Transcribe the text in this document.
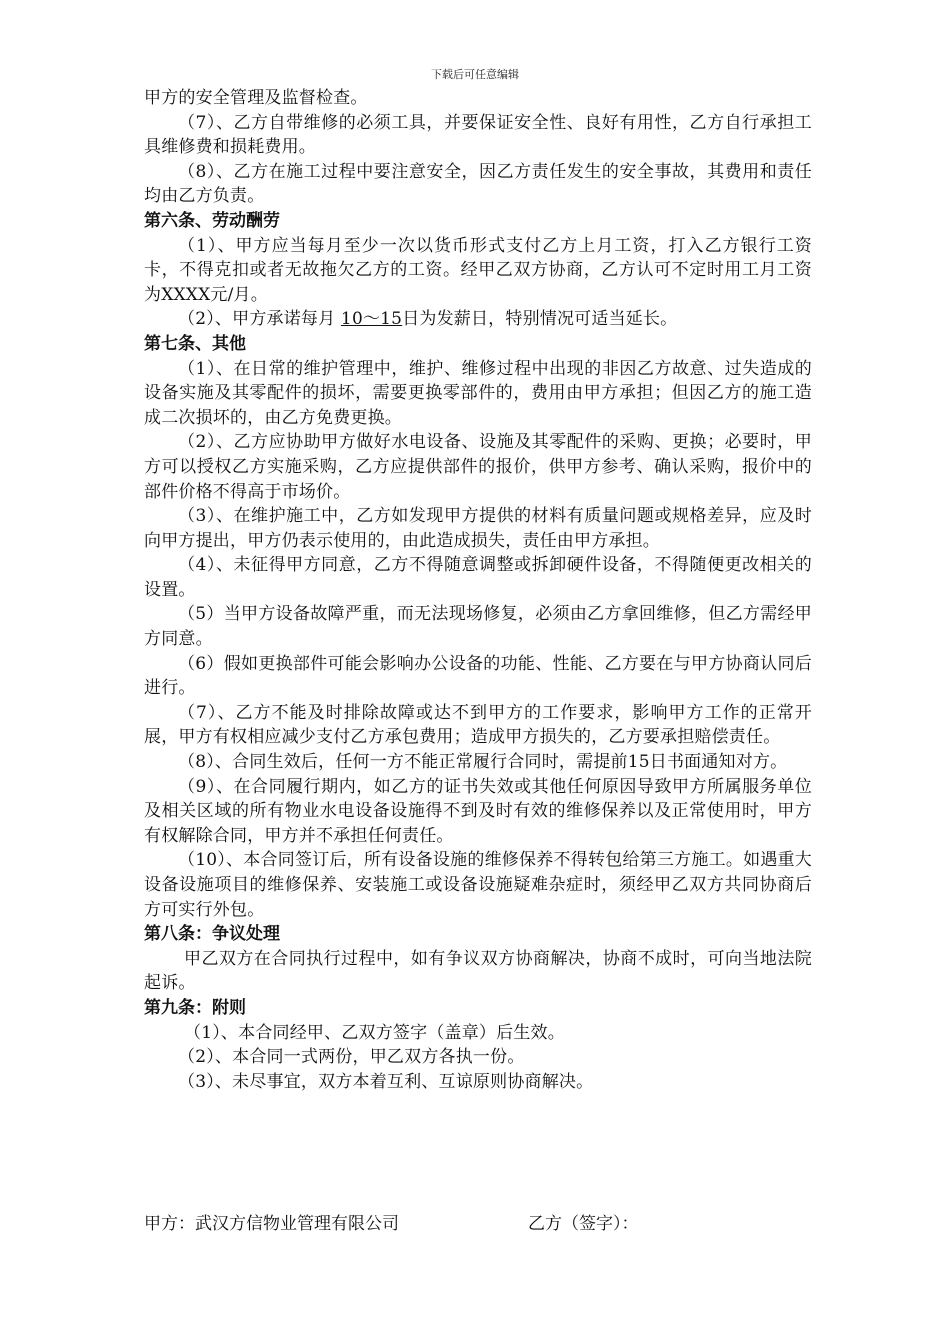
下载后可任意编辑

甲方的安全管理及监督检查。

（7）、乙方自带维修的必须工具，并要保证安全性、良好有用性，乙方自行承担工具维修费和损耗费用。

（8）、乙方在施工过程中要注意安全，因乙方责任发生的安全事故，其费用和责任均由乙方负责。

第六条、劳动酬劳

（1）、甲方应当每月至少一次以货币形式支付乙方上月工资，打入乙方银行工资卡，不得克扣或者无故拖欠乙方的工资。经甲乙双方协商，乙方认可不定时用工月工资为XXXX元/月。

（2）、甲方承诺每月 10～15日为发薪日，特别情况可适当延长。

第七条、其他

（1）、在日常的维护管理中，维护、维修过程中出现的非因乙方故意、过失造成的设备实施及其零配件的损坏，需要更换零部件的，费用由甲方承担；但因乙方的施工造成二次损坏的，由乙方免费更换。

（2）、乙方应协助甲方做好水电设备、设施及其零配件的采购、更换；必要时，甲方可以授权乙方实施采购，乙方应提供部件的报价，供甲方参考、确认采购，报价中的部件价格不得高于市场价。

（3）、在维护施工中，乙方如发现甲方提供的材料有质量问题或规格差异，应及时向甲方提出，甲方仍表示使用的，由此造成损失，责任由甲方承担。

（4）、未征得甲方同意，乙方不得随意调整或拆卸硬件设备，不得随便更改相关的设置。

（5）当甲方设备故障严重，而无法现场修复，必须由乙方拿回维修，但乙方需经甲方同意。

（6）假如更换部件可能会影响办公设备的功能、性能、乙方要在与甲方协商认同后进行。

（7）、乙方不能及时排除故障或达不到甲方的工作要求，影响甲方工作的正常开展，甲方有权相应减少支付乙方承包费用；造成甲方损失的，乙方要承担赔偿责任。

（8）、合同生效后，任何一方不能正常履行合同时，需提前15日书面通知对方。

（9）、在合同履行期内，如乙方的证书失效或其他任何原因导致甲方所属服务单位及相关区域的所有物业水电设备设施得不到及时有效的维修保养以及正常使用时，甲方有权解除合同，甲方并不承担任何责任。

（10）、本合同签订后，所有设备设施的维修保养不得转包给第三方施工。如遇重大设备设施项目的维修保养、安装施工或设备设施疑难杂症时，须经甲乙双方共同协商后方可实行外包。

第八条：争议处理

甲乙双方在合同执行过程中，如有争议双方协商解决，协商不成时，可向当地法院起诉。

第九条：附则

（1）、本合同经甲、乙双方签字（盖章）后生效。

（2）、本合同一式两份，甲乙双方各执一份。

（3）、未尽事宜，双方本着互利、互谅原则协商解决。

甲方：武汉方信物业管理有限公司	乙方（签字）：
